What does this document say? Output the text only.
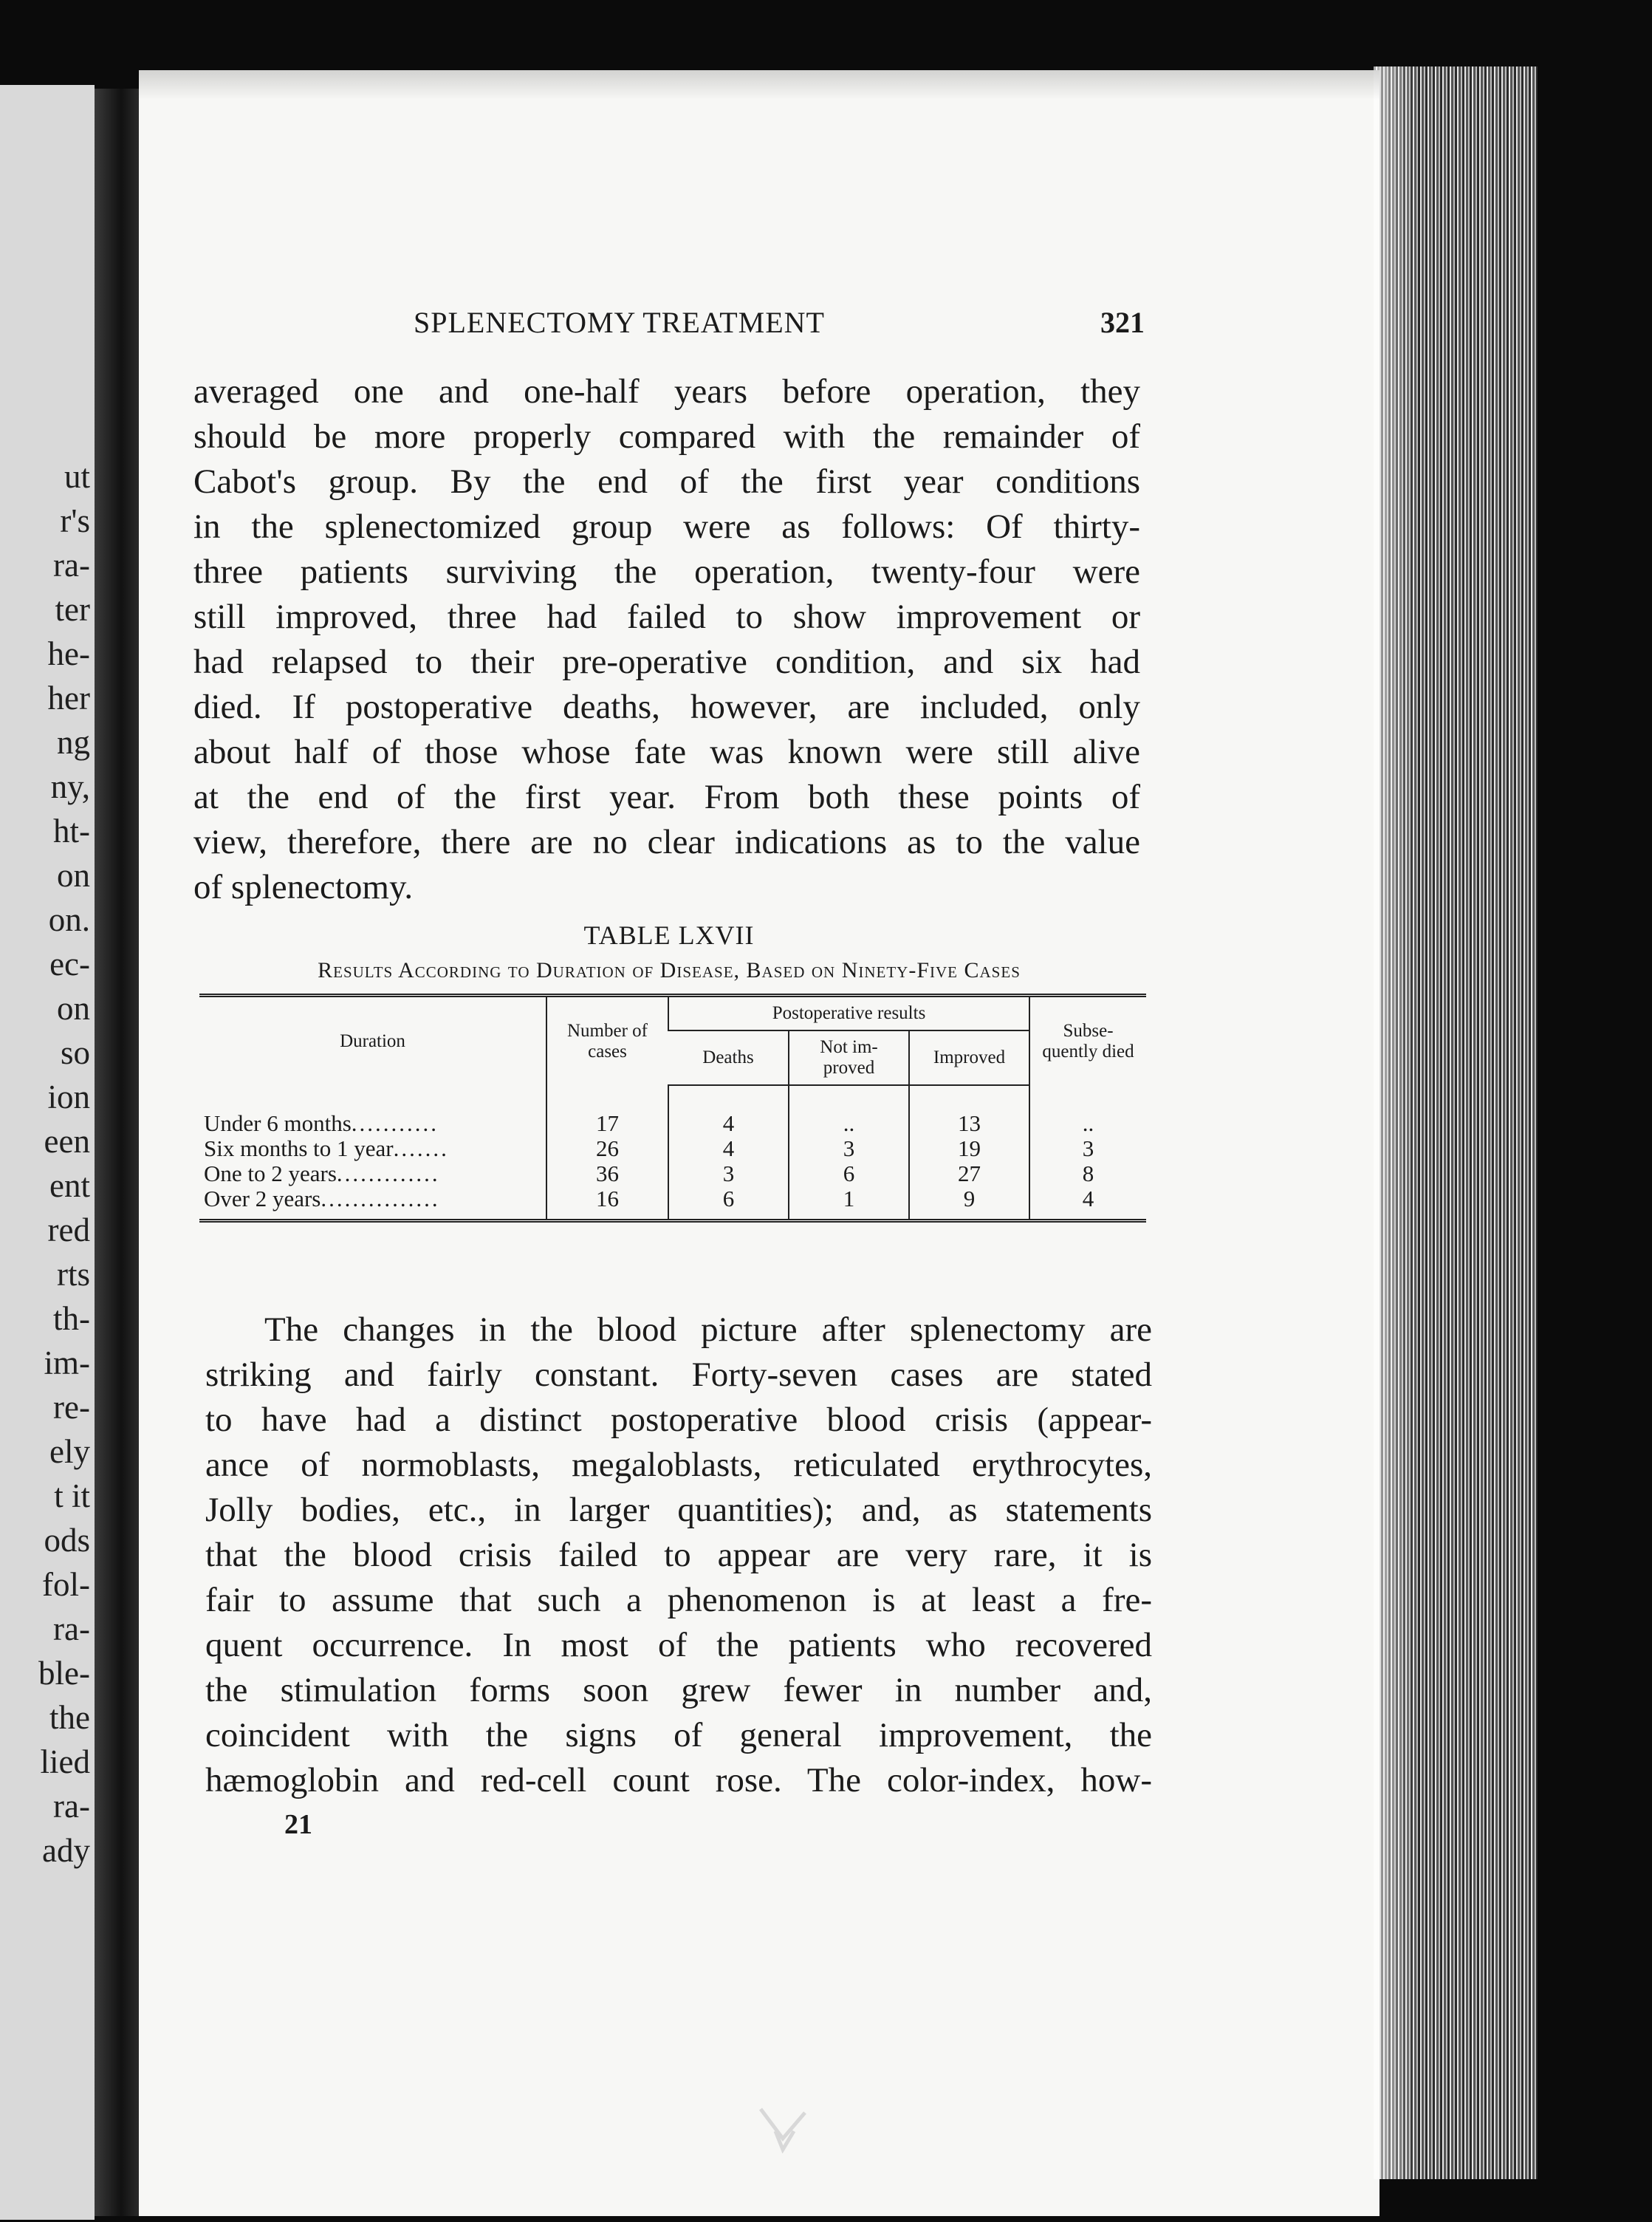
ut
r's
ra-
ter
he-
her
ng
ny,
ht-
on
on.
ec-
on
so
ion
een
ent
red
rts
th-
im-
re-
ely
t it
ods
fol-
ra-
ble-
the
lied
ra-
ady
SPLENECTOMY TREATMENT	321

averaged one and one-half years before operation, they
should be more properly compared with the remainder of
Cabot's group. By the end of the first year conditions
in the splenectomized group were as follows: Of thirty-
three patients surviving the operation, twenty-four were
still improved, three had failed to show improvement or
had relapsed to their pre-operative condition, and six had
died. If postoperative deaths, however, are included, only
about half of those whose fate was known were still alive
at the end of the first year. From both these points of
view, therefore, there are no clear indications as to the value
of splenectomy.

TABLE LXVII

Results According to Duration of Disease, Based on Ninety-Five Cases

Duration	Number of cases	Postoperative results			Subse- quently died
		Deaths	Not im- proved	Improved	
Under 6 months...........	17	4	..	13	..
Six months to 1 year.......	26	4	3	19	3
One to 2 years.............	36	3	6	27	8
Over 2 years...............	16	6	1	9	4

The changes in the blood picture after splenectomy are
striking and fairly constant. Forty-seven cases are stated
to have had a distinct postoperative blood crisis (appear-
ance of normoblasts, megaloblasts, reticulated erythrocytes,
Jolly bodies, etc., in larger quantities); and, as statements
that the blood crisis failed to appear are very rare, it is
fair to assume that such a phenomenon is at least a fre-
quent occurrence. In most of the patients who recovered
the stimulation forms soon grew fewer in number and,
coincident with the signs of general improvement, the
hæmoglobin and red-cell count rose. The color-index, how-

21
